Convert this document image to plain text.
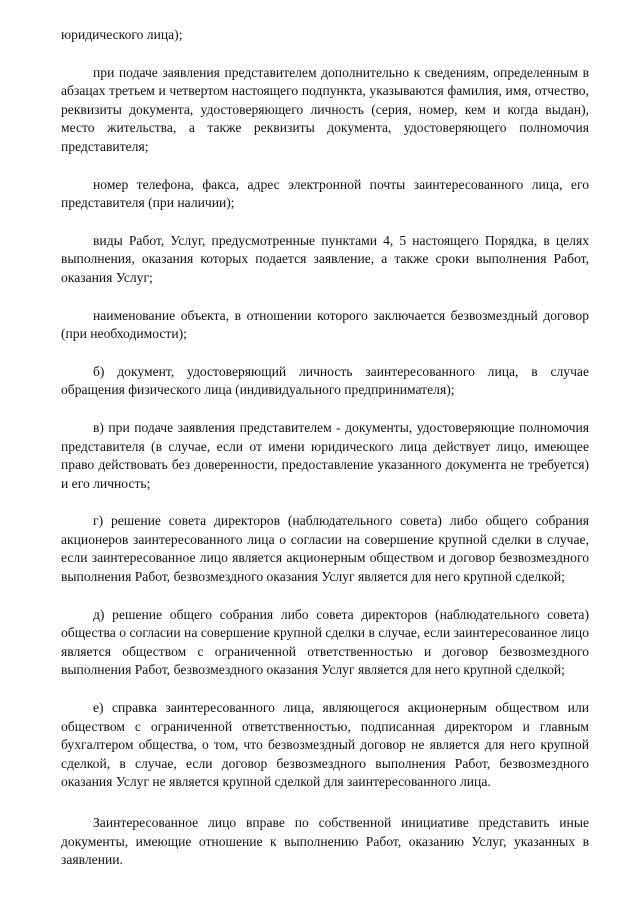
юридического лица);

при подаче заявления представителем дополнительно к сведениям, определенным в абзацах третьем и четвертом настоящего подпункта, указываются фамилия, имя, отчество, реквизиты документа, удостоверяющего личность (серия, номер, кем и когда выдан), место жительства, а также реквизиты документа, удостоверяющего полномочия представителя;

номер телефона, факса, адрес электронной почты заинтересованного лица, его представителя (при наличии);

виды Работ, Услуг, предусмотренные пунктами 4, 5 настоящего Порядка, в целях выполнения, оказания которых подается заявление, а также сроки выполнения Работ, оказания Услуг;

наименование объекта, в отношении которого заключается безвозмездный договор (при необходимости);

б) документ, удостоверяющий личность заинтересованного лица, в случае обращения физического лица (индивидуального предпринимателя);

в) при подаче заявления представителем - документы, удостоверяющие полномочия представителя (в случае, если от имени юридического лица действует лицо, имеющее право действовать без доверенности, предоставление указанного документа не требуется) и его личность;

г) решение совета директоров (наблюдательного совета) либо общего собрания акционеров заинтересованного лица о согласии на совершение крупной сделки в случае, если заинтересованное лицо является акционерным обществом и договор безвозмездного выполнения Работ, безвозмездного оказания Услуг является для него крупной сделкой;

д) решение общего собрания либо совета директоров (наблюдательного совета) общества о согласии на совершение крупной сделки в случае, если заинтересованное лицо является обществом с ограниченной ответственностью и договор безвозмездного выполнения Работ, безвозмездного оказания Услуг является для него крупной сделкой;

е) справка заинтересованного лица, являющегося акционерным обществом или обществом с ограниченной ответственностью, подписанная директором и главным бухгалтером общества, о том, что безвозмездный договор не является для него крупной сделкой, в случае, если договор безвозмездного выполнения Работ, безвозмездного оказания Услуг не является крупной сделкой для заинтересованного лица.

Заинтересованное лицо вправе по собственной инициативе представить иные документы, имеющие отношение к выполнению Работ, оказанию Услуг, указанных в заявлении.
